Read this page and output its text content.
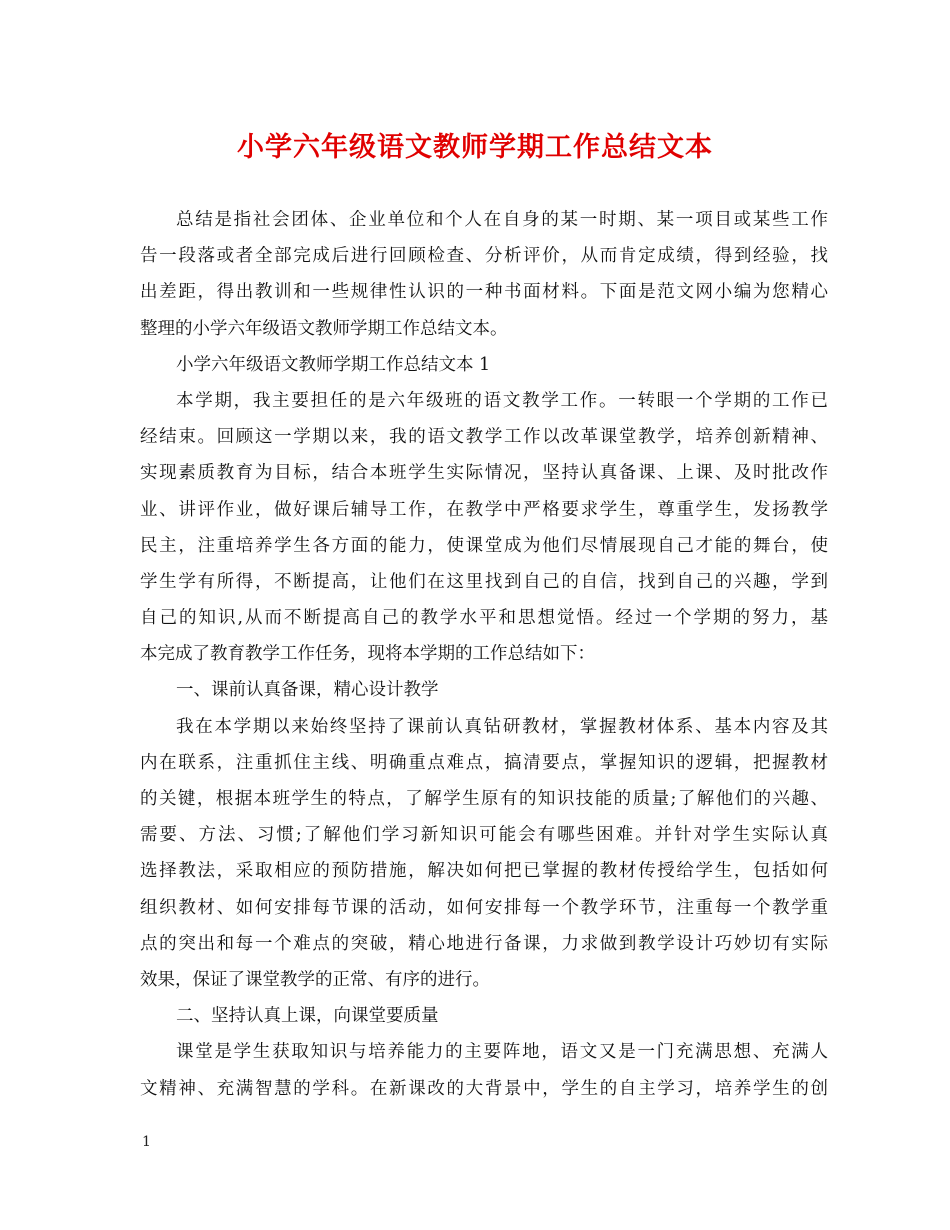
小学六年级语文教师学期工作总结文本
总结是指社会团体、企业单位和个人在自身的某一时期、某一项目或某些工作
告一段落或者全部完成后进行回顾检查、分析评价，从而肯定成绩，得到经验，找
出差距，得出教训和一些规律性认识的一种书面材料。下面是范文网小编为您精心
整理的小学六年级语文教师学期工作总结文本。
小学六年级语文教师学期工作总结文本 1
本学期，我主要担任的是六年级班的语文教学工作。一转眼一个学期的工作已
经结束。回顾这一学期以来，我的语文教学工作以改革课堂教学，培养创新精神、
实现素质教育为目标，结合本班学生实际情况，坚持认真备课、上课、及时批改作
业、讲评作业，做好课后辅导工作，在教学中严格要求学生，尊重学生，发扬教学
民主，注重培养学生各方面的能力，使课堂成为他们尽情展现自己才能的舞台，使
学生学有所得，不断提高，让他们在这里找到自己的自信，找到自己的兴趣，学到
自己的知识,从而不断提高自己的教学水平和思想觉悟。经过一个学期的努力，基
本完成了教育教学工作任务，现将本学期的工作总结如下：
一、课前认真备课，精心设计教学
我在本学期以来始终坚持了课前认真钻研教材，掌握教材体系、基本内容及其
内在联系，注重抓住主线、明确重点难点，搞清要点，掌握知识的逻辑，把握教材
的关键，根据本班学生的特点，了解学生原有的知识技能的质量;了解他们的兴趣、
需要、方法、习惯;了解他们学习新知识可能会有哪些困难。并针对学生实际认真
选择教法，采取相应的预防措施，解决如何把已掌握的教材传授给学生，包括如何
组织教材、如何安排每节课的活动，如何安排每一个教学环节，注重每一个教学重
点的突出和每一个难点的突破，精心地进行备课，力求做到教学设计巧妙切有实际
效果，保证了课堂教学的正常、有序的进行。
二、坚持认真上课，向课堂要质量
课堂是学生获取知识与培养能力的主要阵地，语文又是一门充满思想、充满人
文精神、充满智慧的学科。在新课改的大背景中，学生的自主学习，培养学生的创
1
